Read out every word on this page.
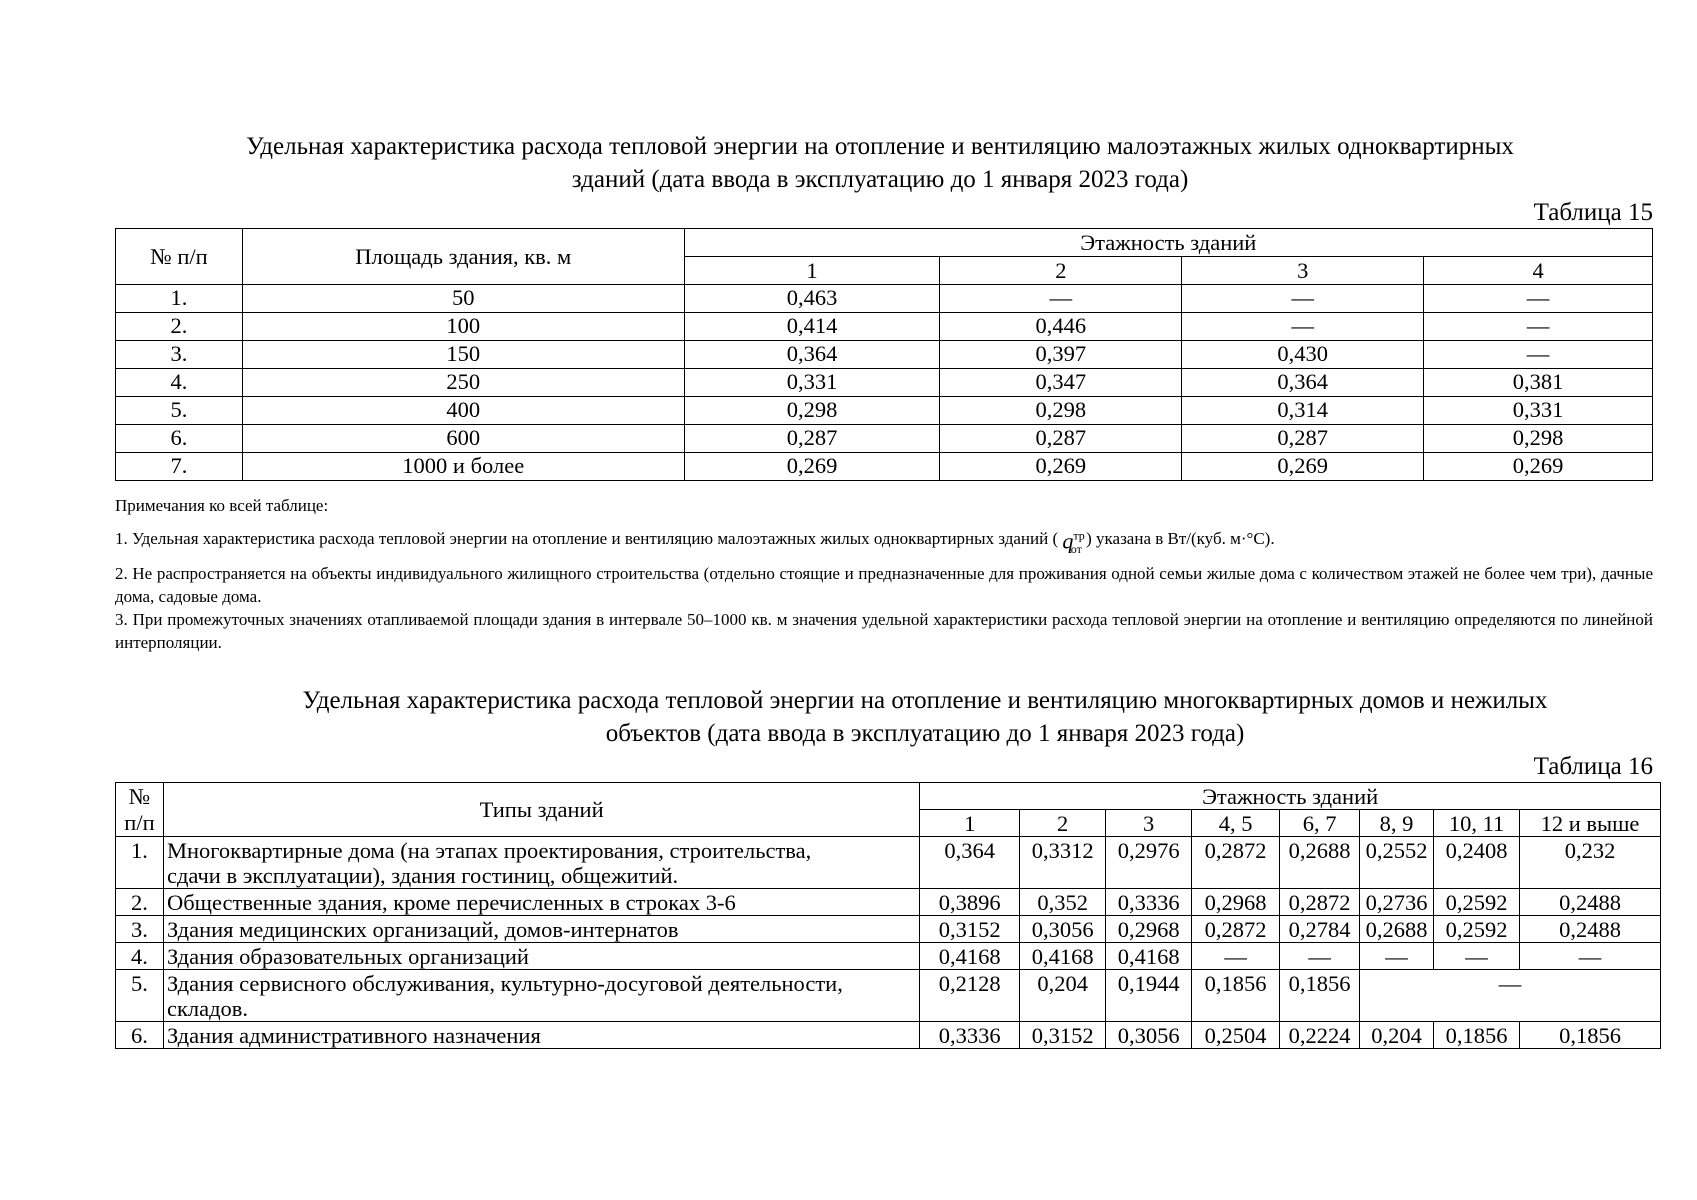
Удельная характеристика расхода тепловой энергии на отопление и вентиляцию малоэтажных жилых одноквартирных
зданий (дата ввода в эксплуатацию до 1 января 2023 года)
Таблица 15
№ п/п	Площадь здания, кв. м	Этажность зданий			
		1	2	3	4
1.	50	0,463	—	—	—
2.	100	0,414	0,446	—	—
3.	150	0,364	0,397	0,430	—
4.	250	0,331	0,347	0,364	0,381
5.	400	0,298	0,298	0,314	0,331
6.	600	0,287	0,287	0,287	0,298
7.	1000 и более	0,269	0,269	0,269	0,269

Примечания ко всей таблице:

1. Удельная характеристика расхода тепловой энергии на отопление и вентиляцию малоэтажных жилых одноквартирных зданий ( $q^{тр}_{от}$ ) указана в Вт/(куб. м·°С).

2. Не распространяется на объекты индивидуального жилищного строительства (отдельно стоящие и предназначенные для проживания одной семьи жилые дома с количеством этажей не более чем три), дачные дома, садовые дома.

3. При промежуточных значениях отапливаемой площади здания в интервале 50–1000 кв. м значения удельной характеристики расхода тепловой энергии на отопление и вентиляцию определяются по линейной интерполяции.

Удельная характеристика расхода тепловой энергии на отопление и вентиляцию многоквартирных домов и нежилых
объектов (дата ввода в эксплуатацию до 1 января 2023 года)
Таблица 16
№	Типы зданий	Этажность зданий							
п/п		1	2	3	4, 5	6, 7	8, 9	10, 11	12 и выше
1.	Многоквартирные дома (на этапах проектирования, строительства,
сдачи в эксплуатации), здания гостиниц, общежитий.	0,364	0,3312	0,2976	0,2872	0,2688	0,2552	0,2408	0,232
2.	Общественные здания, кроме перечисленных в строках 3-6	0,3896	0,352	0,3336	0,2968	0,2872	0,2736	0,2592	0,2488
3.	Здания медицинских организаций, домов-интернатов	0,3152	0,3056	0,2968	0,2872	0,2784	0,2688	0,2592	0,2488
4.	Здания образовательных организаций	0,4168	0,4168	0,4168	—	—	—	—	—
5.	Здания сервисного обслуживания, культурно-досуговой деятельности,
складов.	0,2128	0,204	0,1944	0,1856	0,1856	—		
6.	Здания административного назначения	0,3336	0,3152	0,3056	0,2504	0,2224	0,204	0,1856	0,1856
